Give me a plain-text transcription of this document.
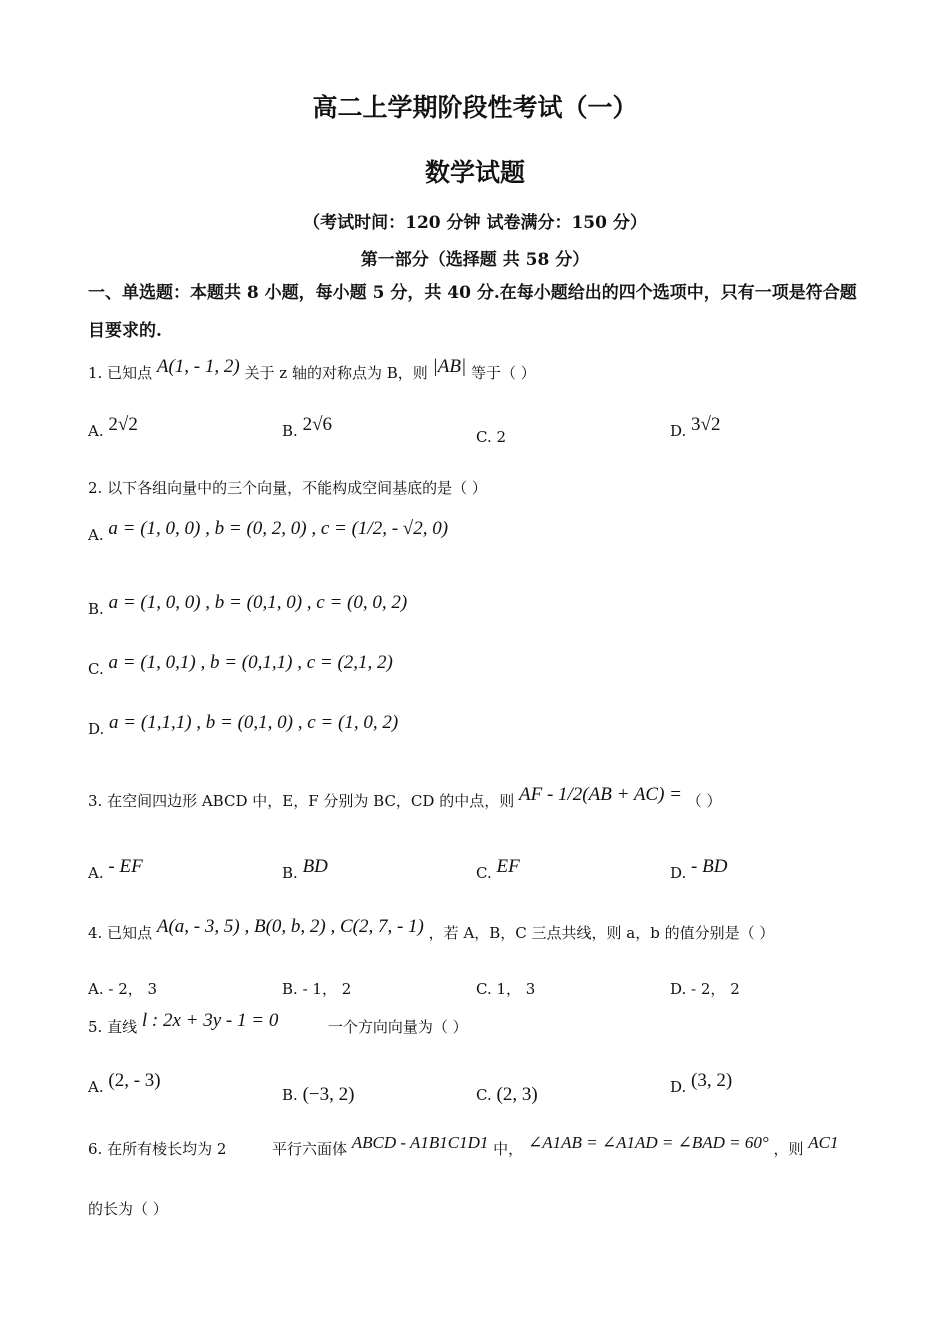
高二上学期阶段性考试（一）
数学试题
（考试时间：120 分钟 试卷满分：150 分）
第一部分（选择题 共 58 分）
一、单选题：本题共 8 小题，每小题 5 分，共 40 分.在每小题给出的四个选项中，只有一项是符合题目要求的.
1. 已知点 A(1, - 1, 2) 关于 z 轴的对称点为 B，则 |AB| 等于（ ）
A. 2√2	B. 2√6
C. 2	D. 3√2
2. 以下各组向量中的三个向量，不能构成空间基底的是（ ）
A. a = (1, 0, 0) , b = (0, 2, 0) , c = (1/2, - √2, 0)
B. a = (1, 0, 0) , b = (0,1, 0) , c = (0, 0, 2)
C. a = (1, 0,1) , b = (0,1,1) , c = (2,1, 2)
D. a = (1,1,1) , b = (0,1, 0) , c = (1, 0, 2)
3. 在空间四边形 ABCD 中，E，F 分别为 BC，CD 的中点，则 AF - 1/2(AB + AC) = （ ）
A. - EF	B. BD	C. EF	D. - BD
4. 已知点 A(a, - 3, 5) , B(0, b, 2) , C(2, 7, - 1) ，若 A，B，C 三点共线，则 a，b 的值分别是（ ）
A. - 2， 3	B. - 1， 2	C. 1， 3	D. - 2， 2
5. 直线 l : 2x + 3y - 1 = 0	一个方向向量为（ ）
A. (2, - 3)
B. (−3, 2)	C. (2, 3)	D. (3, 2)
6. 在所有棱长均为 2	平行六面体 ABCD - A1B1C1D1 中， ∠A1AB = ∠A1AD = ∠BAD = 60° ，则 AC1
的长为（ ）
